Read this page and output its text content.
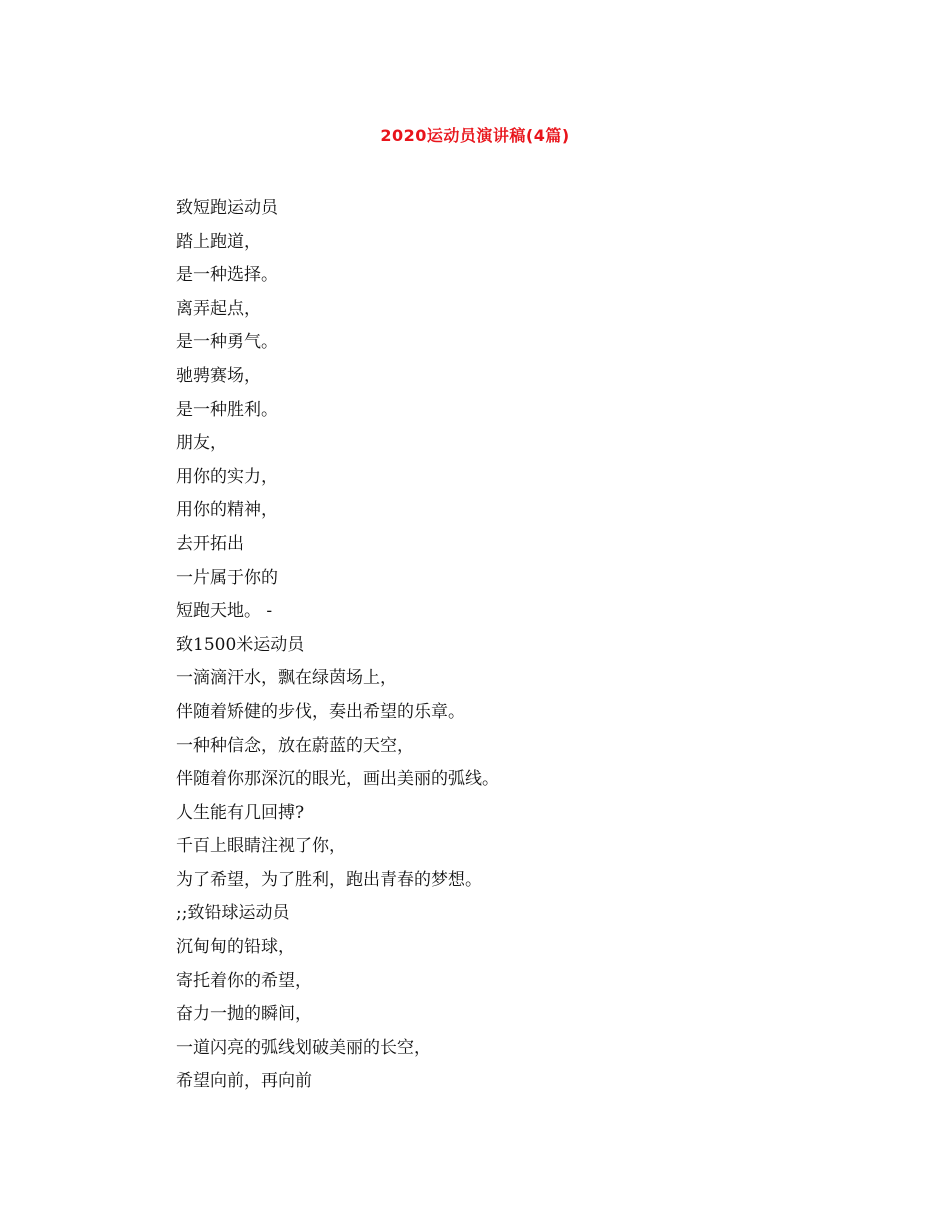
2020运动员演讲稿(4篇)
致短跑运动员
踏上跑道，
是一种选择。
离弄起点，
是一种勇气。
驰骋赛场，
是一种胜利。
朋友，
用你的实力，
用你的精神，
去开拓出
一片属于你的
短跑天地。 -
致1500米运动员
一滴滴汗水，飘在绿茵场上，
伴随着矫健的步伐，奏出希望的乐章。
一种种信念，放在蔚蓝的天空，
伴随着你那深沉的眼光，画出美丽的弧线。
人生能有几回搏?
千百上眼睛注视了你，
为了希望，为了胜利，跑出青春的梦想。
;;致铅球运动员
沉甸甸的铅球，
寄托着你的希望，
奋力一抛的瞬间，
一道闪亮的弧线划破美丽的长空，
希望向前，再向前
